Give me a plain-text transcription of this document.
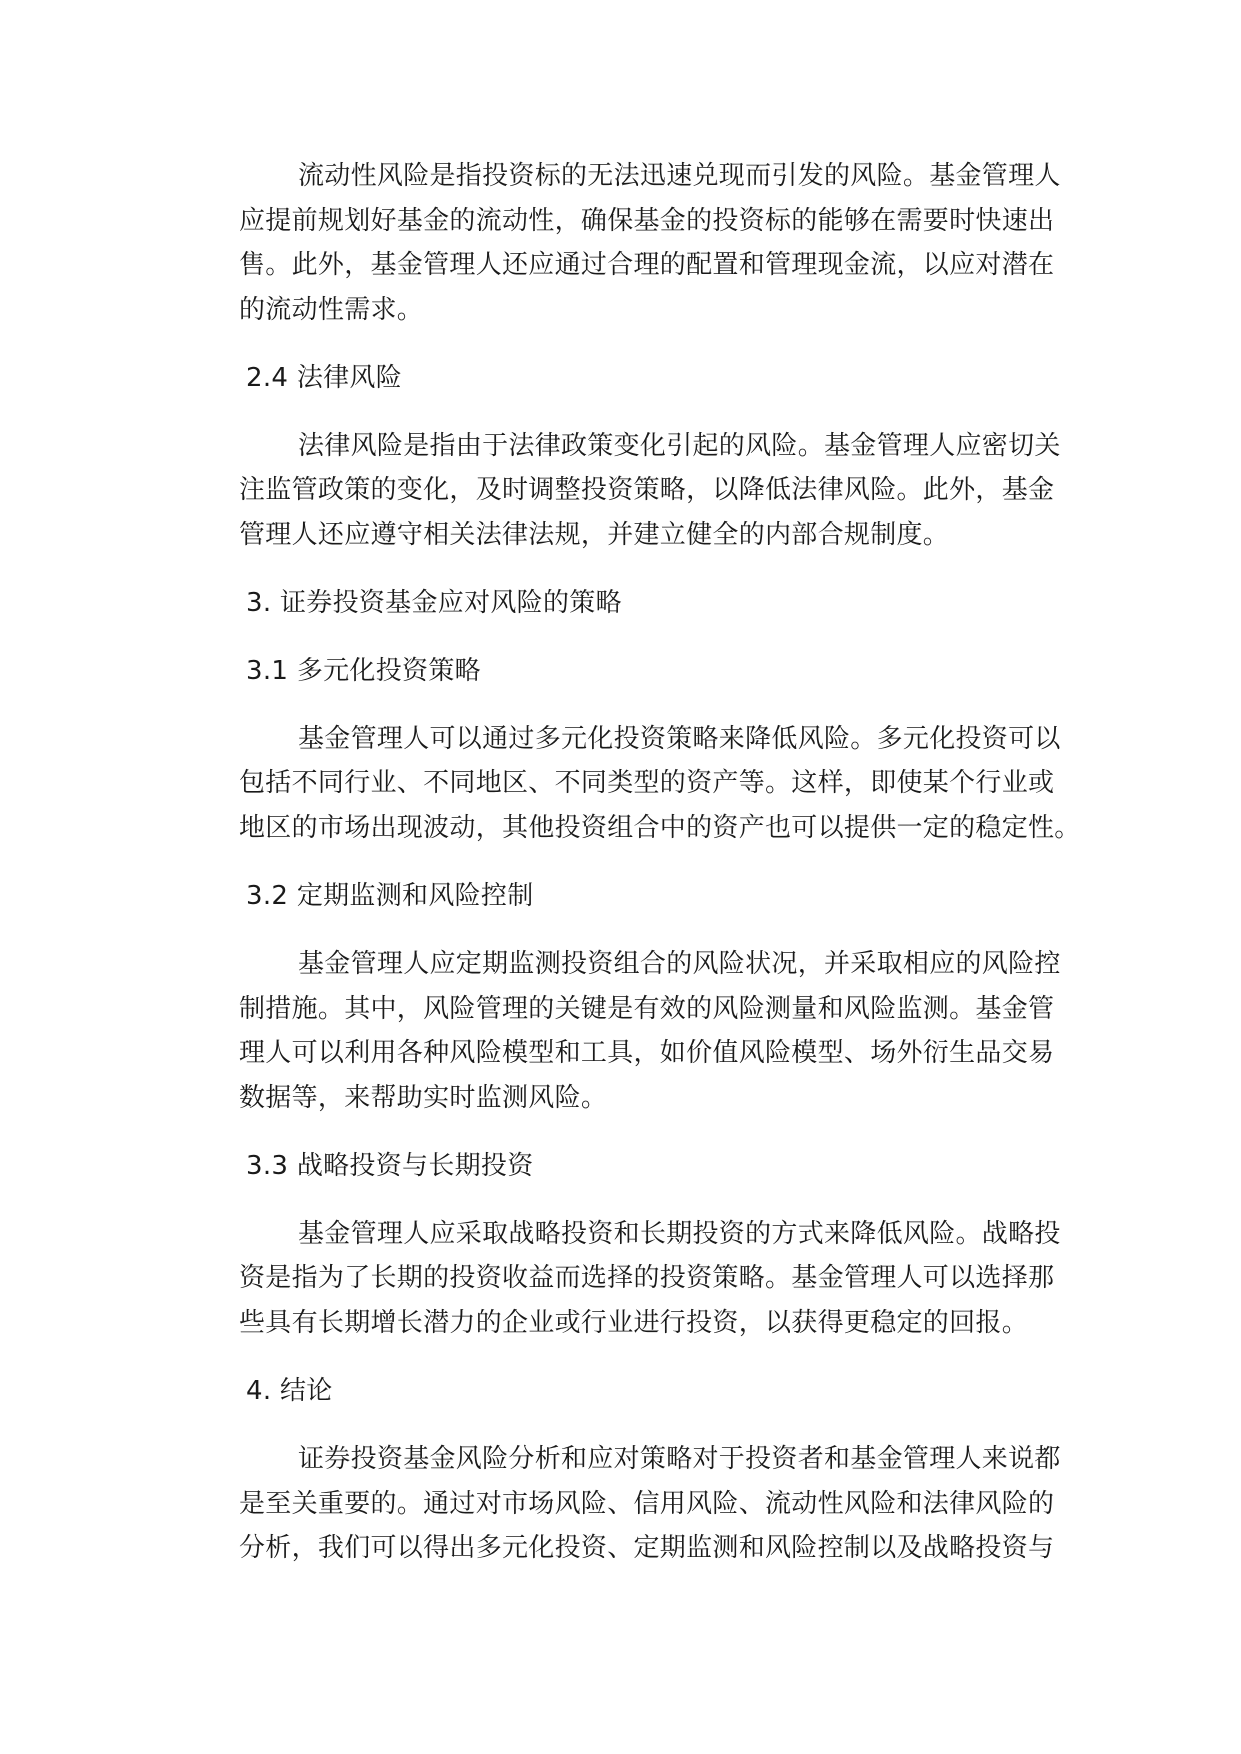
流动性风险是指投资标的无法迅速兑现而引发的风险。基金管理人
应提前规划好基金的流动性，确保基金的投资标的能够在需要时快速出
售。此外，基金管理人还应通过合理的配置和管理现金流，以应对潜在
的流动性需求。
2.4 法律风险
法律风险是指由于法律政策变化引起的风险。基金管理人应密切关
注监管政策的变化，及时调整投资策略，以降低法律风险。此外，基金
管理人还应遵守相关法律法规，并建立健全的内部合规制度。
3. 证券投资基金应对风险的策略
3.1 多元化投资策略
基金管理人可以通过多元化投资策略来降低风险。多元化投资可以
包括不同行业、不同地区、不同类型的资产等。这样，即使某个行业或
地区的市场出现波动，其他投资组合中的资产也可以提供一定的稳定性。
3.2 定期监测和风险控制
基金管理人应定期监测投资组合的风险状况，并采取相应的风险控
制措施。其中，风险管理的关键是有效的风险测量和风险监测。基金管
理人可以利用各种风险模型和工具，如价值风险模型、场外衍生品交易
数据等，来帮助实时监测风险。
3.3 战略投资与长期投资
基金管理人应采取战略投资和长期投资的方式来降低风险。战略投
资是指为了长期的投资收益而选择的投资策略。基金管理人可以选择那
些具有长期增长潜力的企业或行业进行投资，以获得更稳定的回报。
4. 结论
证券投资基金风险分析和应对策略对于投资者和基金管理人来说都
是至关重要的。通过对市场风险、信用风险、流动性风险和法律风险的
分析，我们可以得出多元化投资、定期监测和风险控制以及战略投资与
